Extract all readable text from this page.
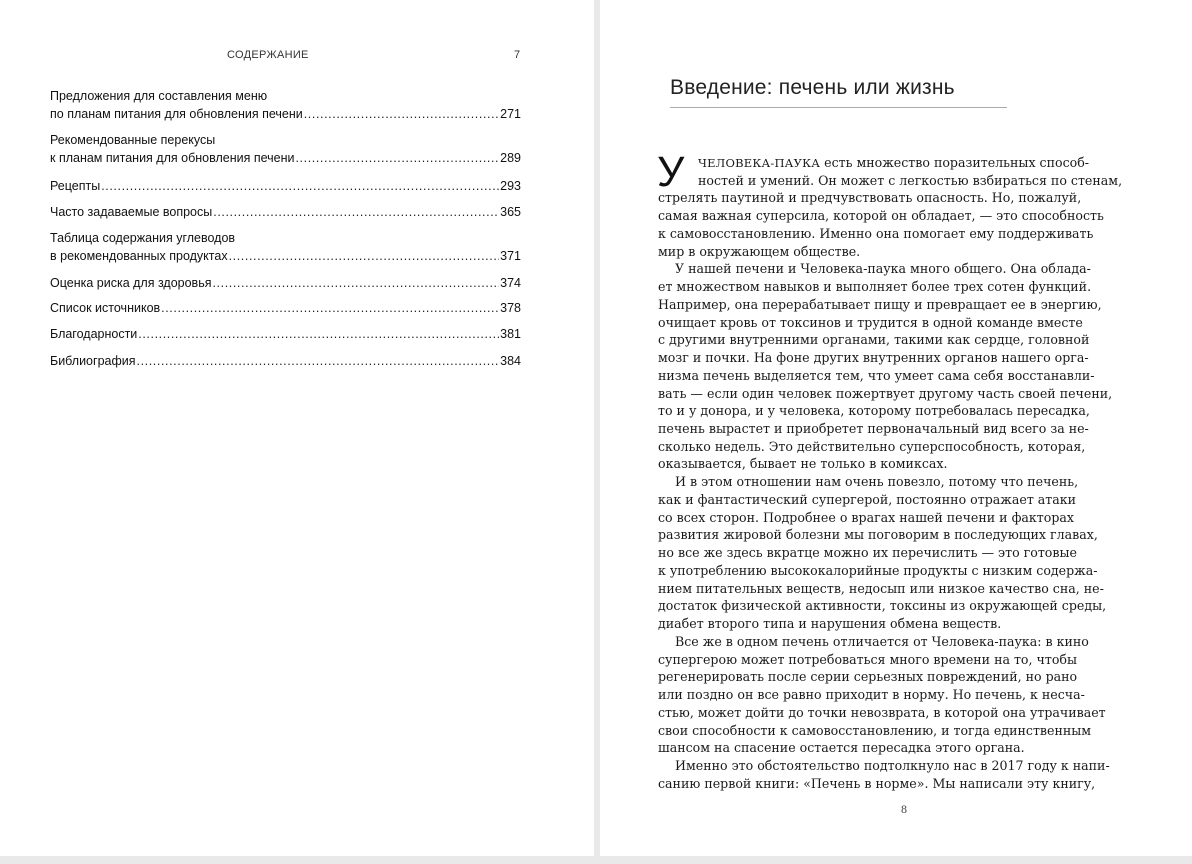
СОДЕРЖАНИЕ	7
Предложения для составления меню
по планам питания для обновления печени .....	271
Рекомендованные перекусы
к планам питания для обновления печени .....	289
Рецепты .....	293
Часто задаваемые вопросы .....	365
Таблица содержания углеводов
в рекомендованных продуктах .....	371
Оценка риска для здоровья .....	374
Список источников .....	378
Благодарности .....	381
Библиография .....	384
8
Введение: печень или жизнь
У	ЧЕЛОВЕКА-ПАУКА есть множество поразительных способ-
ностей и умений. Он может с легкостью взбираться по стенам,
стрелять паутиной и предчувствовать опасность. Но, пожалуй,
самая важная суперсила, которой он обладает, — это способность
к самовосстановлению. Именно она помогает ему поддерживать
мир в окружающем обществе.
У нашей печени и Человека-паука много общего. Она облада-
ет множеством навыков и выполняет более трех сотен функций.
Например, она перерабатывает пищу и превращает ее в энергию,
очищает кровь от токсинов и трудится в одной команде вместе
с другими внутренними органами, такими как сердце, головной
мозг и почки. На фоне других внутренних органов нашего орга-
низма печень выделяется тем, что умеет сама себя восстанавли-
вать — если один человек пожертвует другому часть своей печени,
то и у донора, и у человека, которому потребовалась пересадка,
печень вырастет и приобретет первоначальный вид всего за не-
сколько недель. Это действительно суперспособность, которая,
оказывается, бывает не только в комиксах.
И в этом отношении нам очень повезло, потому что печень,
как и фантастический супергерой, постоянно отражает атаки
со всех сторон. Подробнее о врагах нашей печени и факторах
развития жировой болезни мы поговорим в последующих главах,
но все же здесь вкратце можно их перечислить — это готовые
к употреблению высококалорийные продукты с низким содержа-
нием питательных веществ, недосып или низкое качество сна, не-
достаток физической активности, токсины из окружающей среды,
диабет второго типа и нарушения обмена веществ.
Все же в одном печень отличается от Человека-паука: в кино
супергерою может потребоваться много времени на то, чтобы
регенерировать после серии серьезных повреждений, но рано
или поздно он все равно приходит в норму. Но печень, к несча-
стью, может дойти до точки невозврата, в которой она утрачивает
свои способности к самовосстановлению, и тогда единственным
шансом на спасение остается пересадка этого органа.
Именно это обстоятельство подтолкнуло нас в 2017 году к напи-
санию первой книги: «Печень в норме». Мы написали эту книгу,
